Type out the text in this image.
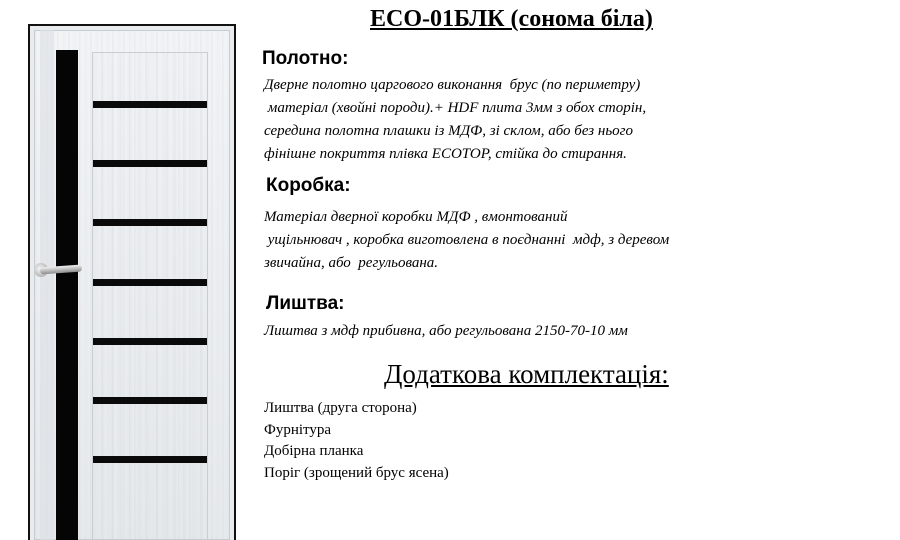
ECO-01БЛК (сонома біла)
Полотно:
Дверне полотно царгового виконання  брус (по периметру)
матеріал (хвойні породи).+ HDF плита 3мм з обох сторін,
середина полотна плашки із МДФ, зі склом, або без нього
фінішне покриття плівка ECOTOP, стійка до стирання.
Коробка:
Матеріал дверної коробки МДФ , вмонтований
ущільнювач , коробка виготовлена в поєднанні  мдф, з деревом
звичайна, або  регульована.
Лиштва:
Лиштва з мдф прибивна, або регульована 2150-70-10 мм
Додаткова комплектація:
Лиштва (друга сторона)
Фурнітура
Добірна планка
Поріг (зрощений брус ясена)
